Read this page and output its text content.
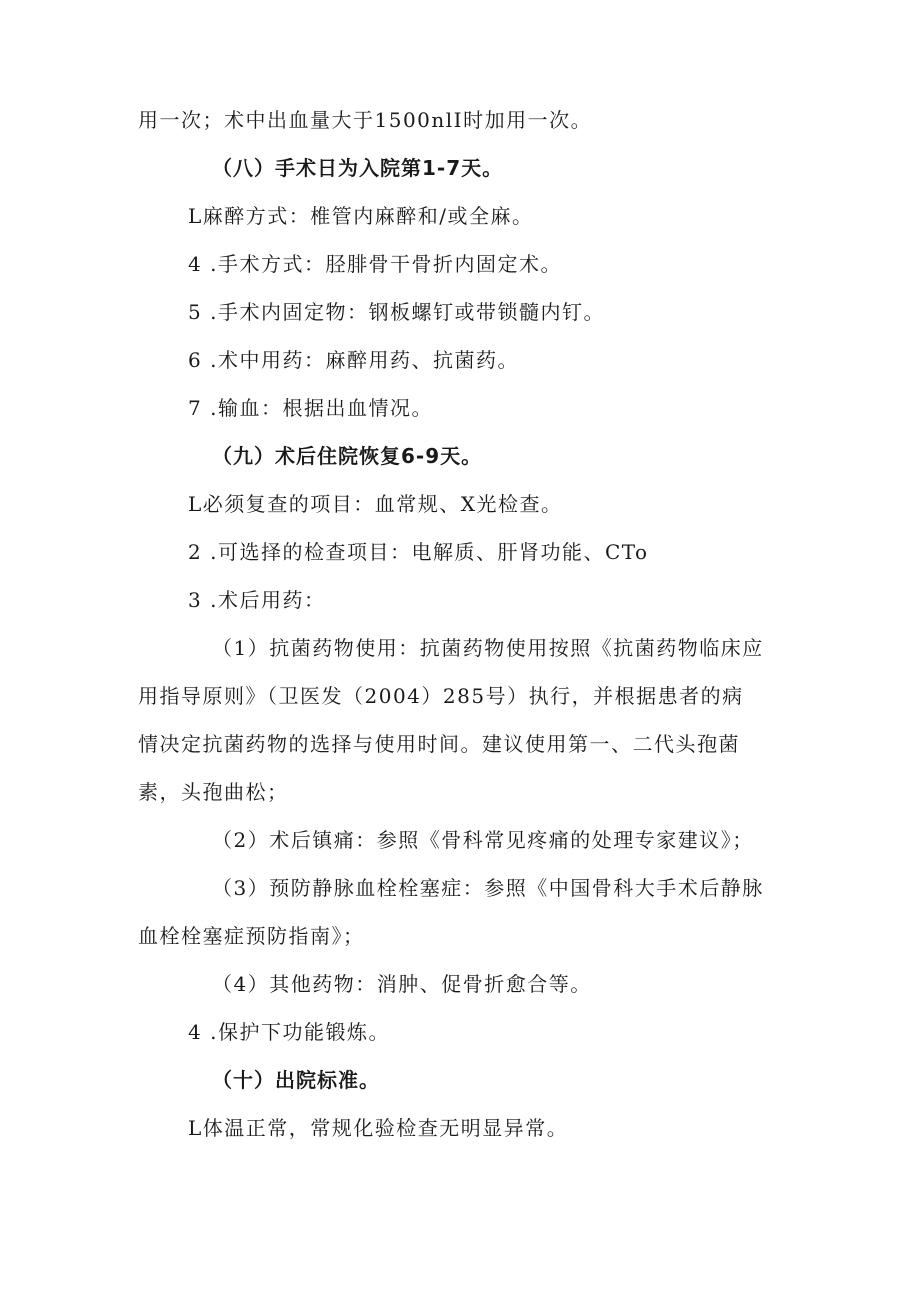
用一次；术中出血量大于1500nlI时加用一次。
（八）手术日为入院第1-7天。
L麻醉方式：椎管内麻醉和/或全麻。
4 .手术方式：胫腓骨干骨折内固定术。
5 .手术内固定物：钢板螺钉或带锁髓内钉。
6 .术中用药：麻醉用药、抗菌药。
7 .输血：根据出血情况。
（九）术后住院恢复6-9天。
L必须复查的项目：血常规、X光检查。
2 .可选择的检查项目：电解质、肝肾功能、CTo
3 .术后用药：
（1）抗菌药物使用：抗菌药物使用按照《抗菌药物临床应
用指导原则》（卫医发（2004）285号）执行，并根据患者的病
情决定抗菌药物的选择与使用时间。建议使用第一、二代头孢菌
素，头孢曲松；
（2）术后镇痛：参照《骨科常见疼痛的处理专家建议》；
（3）预防静脉血栓栓塞症：参照《中国骨科大手术后静脉
血栓栓塞症预防指南》；
（4）其他药物：消肿、促骨折愈合等。
4 .保护下功能锻炼。
（十）出院标准。
L体温正常，常规化验检查无明显异常。
